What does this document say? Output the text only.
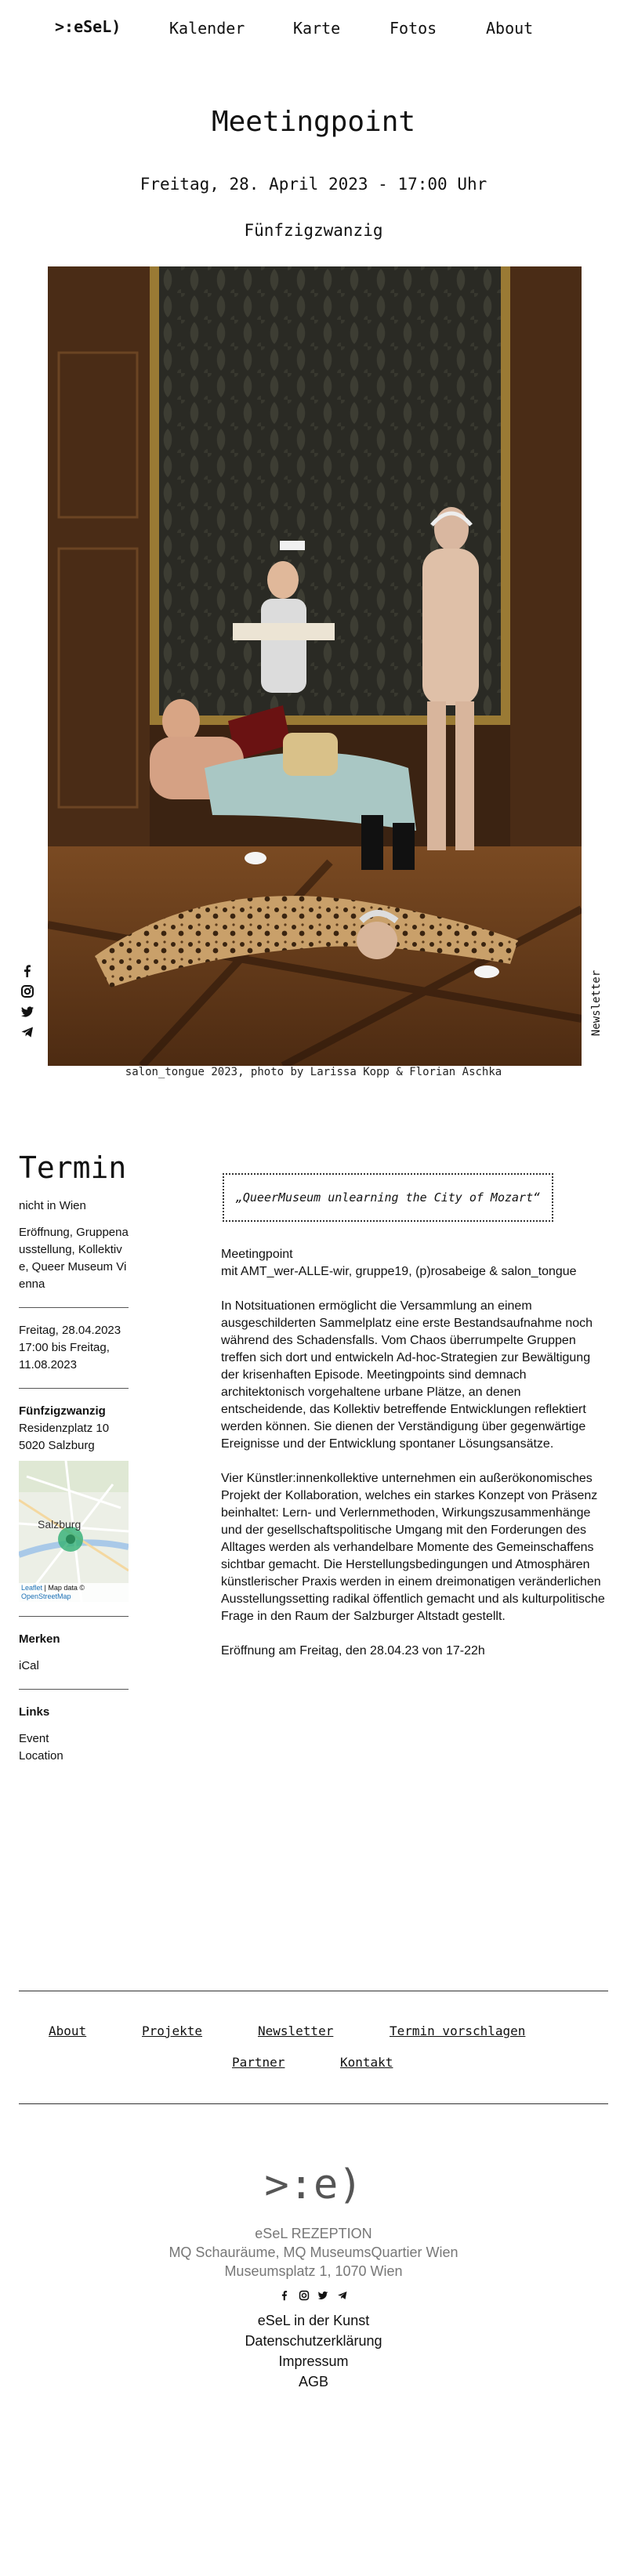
>:eSeL)	Kalender	Karte	Fotos	About
Meetingpoint
Freitag, 28. April 2023 - 17:00 Uhr
Fünfzigzwanzig
salon_tongue 2023, photo by Larissa Kopp & Florian Aschka
Newsletter
Termin

nicht in Wien

Eröffnung, Gruppenausstellung, Kollektive, Queer Museum Vienna

Freitag, 28.04.2023 17:00 bis Freitag, 11.08.2023

Fünfzigzwanzig

Residenzplatz 10

5020 Salzburg

Salzburg
Leaflet | Map data ©
OpenStreetMap

Merken

iCal

Links

Event

Location

„QueerMuseum unlearning the City of Mozart“

Meetingpoint
mit AMT_wer-ALLE-wir, gruppe19, (p)rosabeige & salon_tongue

In Notsituationen ermöglicht die Versammlung an einem ausgeschilderten Sammelplatz eine erste Bestandsaufnahme noch während des Schadensfalls. Vom Chaos überrumpelte Gruppen treffen sich dort und entwickeln Ad-hoc-Strategien zur Bewältigung der krisenhaften Episode. Meetingpoints sind demnach architektonisch vorgehaltene urbane Plätze, an denen entscheidende, das Kollektiv betreffende Entwicklungen reflektiert werden können. Sie dienen der Verständigung über gegenwärtige Ereignisse und der Entwicklung spontaner Lösungsansätze.

Vier Künstler:innenkollektive unternehmen ein außerökonomisches Projekt der Kollaboration, welches ein starkes Konzept von Präsenz beinhaltet: Lern- und Verlernmethoden, Wirkungszusammenhänge und der gesellschaftspolitische Umgang mit den Forderungen des Alltages werden als verhandelbare Momente des Gemeinschaffens sichtbar gemacht. Die Herstellungsbedingungen und Atmosphären künstlerischer Praxis werden in einem dreimonatigen veränderlichen Ausstellungssetting radikal öffentlich gemacht und als kulturpolitische Frage in den Raum der Salzburger Altstadt gestellt.

Eröffnung am Freitag, den 28.04.23 von 17-22h

About	Projekte	Newsletter	Termin vorschlagen
Partner	Kontakt
>:e)
eSeL REZEPTION
MQ Schauräume, MQ MuseumsQuartier Wien
Museumsplatz 1, 1070 Wien

eSeL in der Kunst
Datenschutzerklärung
Impressum
AGB
